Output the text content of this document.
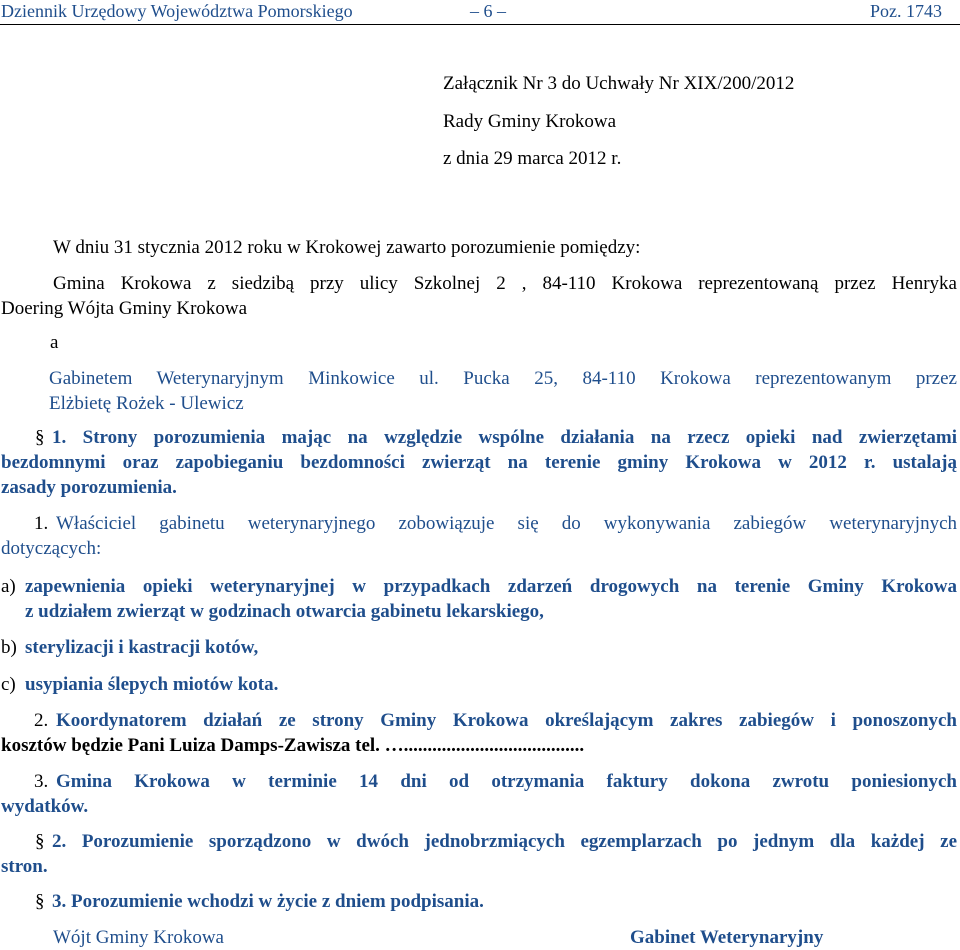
Dziennik Urzędowy Województwa Pomorskiego	– 6 –	Poz. 1743
Załącznik Nr 3 do Uchwały Nr XIX/200/2012
Rady Gminy Krokowa
z dnia 29 marca 2012 r.
W dniu 31 stycznia 2012 roku w Krokowej zawarto porozumienie pomiędzy:
Gmina Krokowa z siedzibą przy ulicy Szkolnej 2 , 84-110 Krokowa reprezentowaną przez Henryka
Doering Wójta Gminy Krokowa
a
Gabinetem Weterynaryjnym Minkowice ul. Pucka 25, 84-110 Krokowa reprezentowanym przez
Elżbietę Rożek - Ulewicz
§ 1. Strony porozumienia mając na względzie wspólne działania na rzecz opieki nad zwierzętami
bezdomnymi oraz zapobieganiu bezdomności zwierząt na terenie gminy Krokowa w 2012 r. ustalają
zasady porozumienia.
1. Właściciel gabinetu weterynaryjnego zobowiązuje się do wykonywania zabiegów weterynaryjnych
dotyczących:
a) zapewnienia opieki weterynaryjnej w przypadkach zdarzeń drogowych na terenie Gminy Krokowa
z udziałem zwierząt w godzinach otwarcia gabinetu lekarskiego,
b) sterylizacji i kastracji kotów,
c) usypiania ślepych miotów kota.
2. Koordynatorem działań ze strony Gminy Krokowa określającym zakres zabiegów i ponoszonych
kosztów będzie Pani Luiza Damps-Zawisza tel. …......................................
3. Gmina Krokowa w terminie 14 dni od otrzymania faktury dokona zwrotu poniesionych
wydatków.
§ 2. Porozumienie sporządzono w dwóch jednobrzmiących egzemplarzach po jednym dla każdej ze
stron.
§ 3. Porozumienie wchodzi w życie z dniem podpisania.
Wójt Gminy Krokowa	Gabinet Weterynaryjny
